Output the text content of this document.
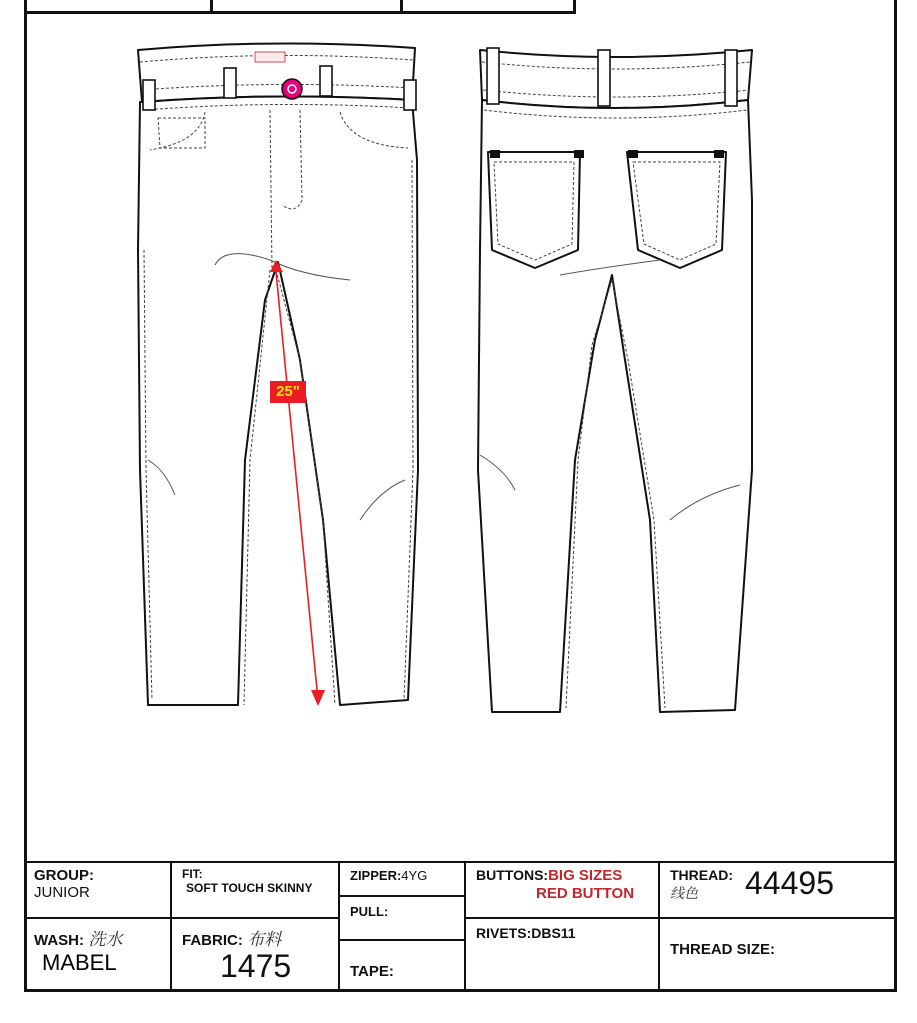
25"
GROUP:
JUNIOR
WASH: 洗水
MABEL
FIT:
SOFT TOUCH SKINNY
FABRIC: 布料
1475
ZIPPER:4YG
PULL:
TAPE:
BUTTONS:BIG SIZES
RED BUTTON
RIVETS:DBS11
THREAD:
线色	44495
THREAD SIZE:
